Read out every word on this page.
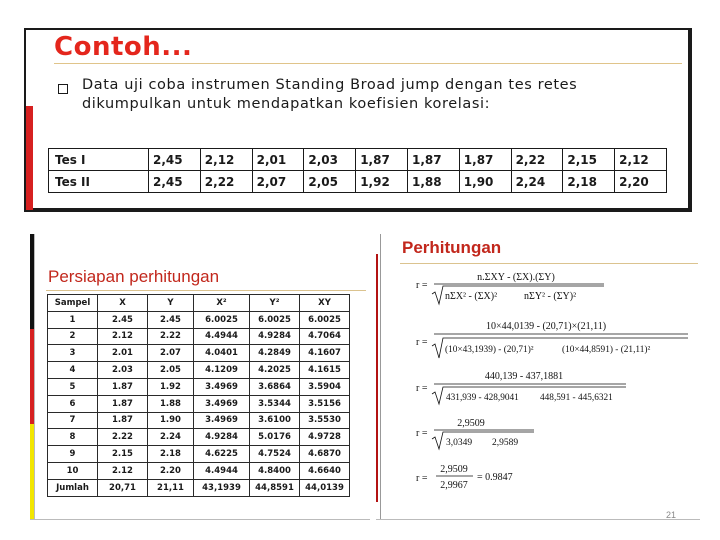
Contoh...
Data uji coba instrumen Standing Broad jump dengan tes retes dikumpulkan untuk mendapatkan koefisien korelasi:
Tes I	2,45	2,12	2,01	2,03	1,87	1,87	1,87	2,22	2,15	2,12
Tes II	2,45	2,22	2,07	2,05	1,92	1,88	1,90	2,24	2,18	2,20
Persiapan perhitungan
Sampel	X	Y	X²	Y²	XY
1	2.45	2.45	6.0025	6.0025	6.0025
2	2.12	2.22	4.4944	4.9284	4.7064
3	2.01	2.07	4.0401	4.2849	4.1607
4	2.03	2.05	4.1209	4.2025	4.1615
5	1.87	1.92	3.4969	3.6864	3.5904
6	1.87	1.88	3.4969	3.5344	3.5156
7	1.87	1.90	3.4969	3.6100	3.5530
8	2.22	2.24	4.9284	5.0176	4.9728
9	2.15	2.18	4.6225	4.7524	4.6870
10	2.12	2.20	4.4944	4.8400	4.6640
Jumlah	20,71	21,11	43,1939	44,8591	44,0139
Perhitungan
r =
n.ΣXY - (ΣX).(ΣY)
nΣX² - (ΣX)²	nΣY² - (ΣY)²
r =
10×44,0139 - (20,71)×(21,11)
(10×43,1939) - (20,71)²	(10×44,8591) - (21,11)²
r =
440,139 - 437,1881
431,939 - 428,9041 448,591 - 445,6321
r =
2,9509
3,0349 2,9589
r =
2,9509
2,9967
= 0.9847
21
